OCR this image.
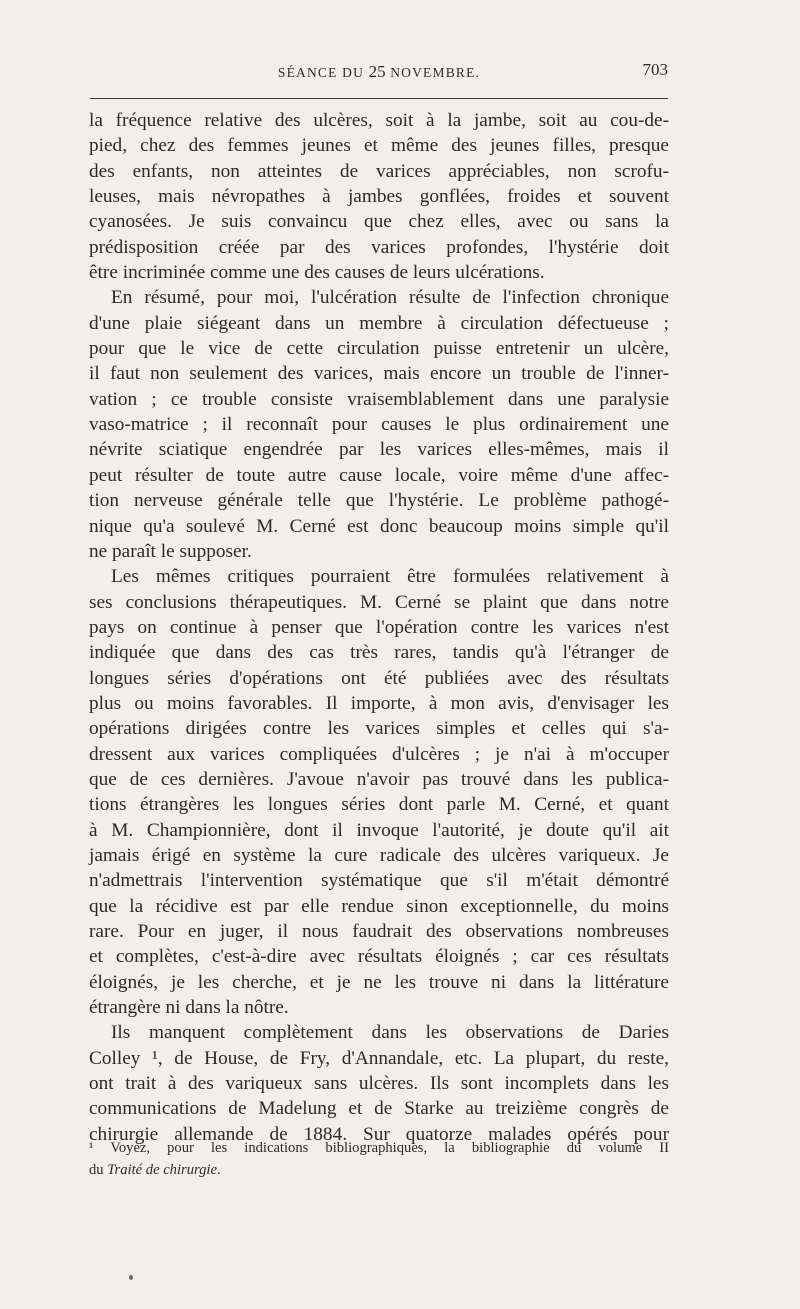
SÉANCE DU 25 NOVEMBRE.	703

la fréquence relative des ulcères, soit à la jambe, soit au cou-de-
pied, chez des femmes jeunes et même des jeunes filles, presque
des enfants, non atteintes de varices appréciables, non scrofu-
leuses, mais névropathes à jambes gonflées, froides et souvent
cyanosées. Je suis convaincu que chez elles, avec ou sans la
prédisposition créée par des varices profondes, l'hystérie doit
être incriminée comme une des causes de leurs ulcérations.

En résumé, pour moi, l'ulcération résulte de l'infection chronique
d'une plaie siégeant dans un membre à circulation défectueuse ;
pour que le vice de cette circulation puisse entretenir un ulcère,
il faut non seulement des varices, mais encore un trouble de l'inner-
vation ; ce trouble consiste vraisemblablement dans une paralysie
vaso-matrice ; il reconnaît pour causes le plus ordinairement une
névrite sciatique engendrée par les varices elles-mêmes, mais il
peut résulter de toute autre cause locale, voire même d'une affec-
tion nerveuse générale telle que l'hystérie. Le problème pathogé-
nique qu'a soulevé M. Cerné est donc beaucoup moins simple qu'il
ne paraît le supposer.

Les mêmes critiques pourraient être formulées relativement à
ses conclusions thérapeutiques. M. Cerné se plaint que dans notre
pays on continue à penser que l'opération contre les varices n'est
indiquée que dans des cas très rares, tandis qu'à l'étranger de
longues séries d'opérations ont été publiées avec des résultats
plus ou moins favorables. Il importe, à mon avis, d'envisager les
opérations dirigées contre les varices simples et celles qui s'a-
dressent aux varices compliquées d'ulcères ; je n'ai à m'occuper
que de ces dernières. J'avoue n'avoir pas trouvé dans les publica-
tions étrangères les longues séries dont parle M. Cerné, et quant
à M. Championnière, dont il invoque l'autorité, je doute qu'il ait
jamais érigé en système la cure radicale des ulcères variqueux. Je
n'admettrais l'intervention systématique que s'il m'était démontré
que la récidive est par elle rendue sinon exceptionnelle, du moins
rare. Pour en juger, il nous faudrait des observations nombreuses
et complètes, c'est-à-dire avec résultats éloignés ; car ces résultats
éloignés, je les cherche, et je ne les trouve ni dans la littérature
étrangère ni dans la nôtre.

Ils manquent complètement dans les observations de Daries
Colley ¹, de House, de Fry, d'Annandale, etc. La plupart, du reste,
ont trait à des variqueux sans ulcères. Ils sont incomplets dans les
communications de Madelung et de Starke au treizième congrès de
chirurgie allemande de 1884. Sur quatorze malades opérés pour

¹ Voyez, pour les indications bibliographiques, la bibliographie du volume II
du Traité de chirurgie.
